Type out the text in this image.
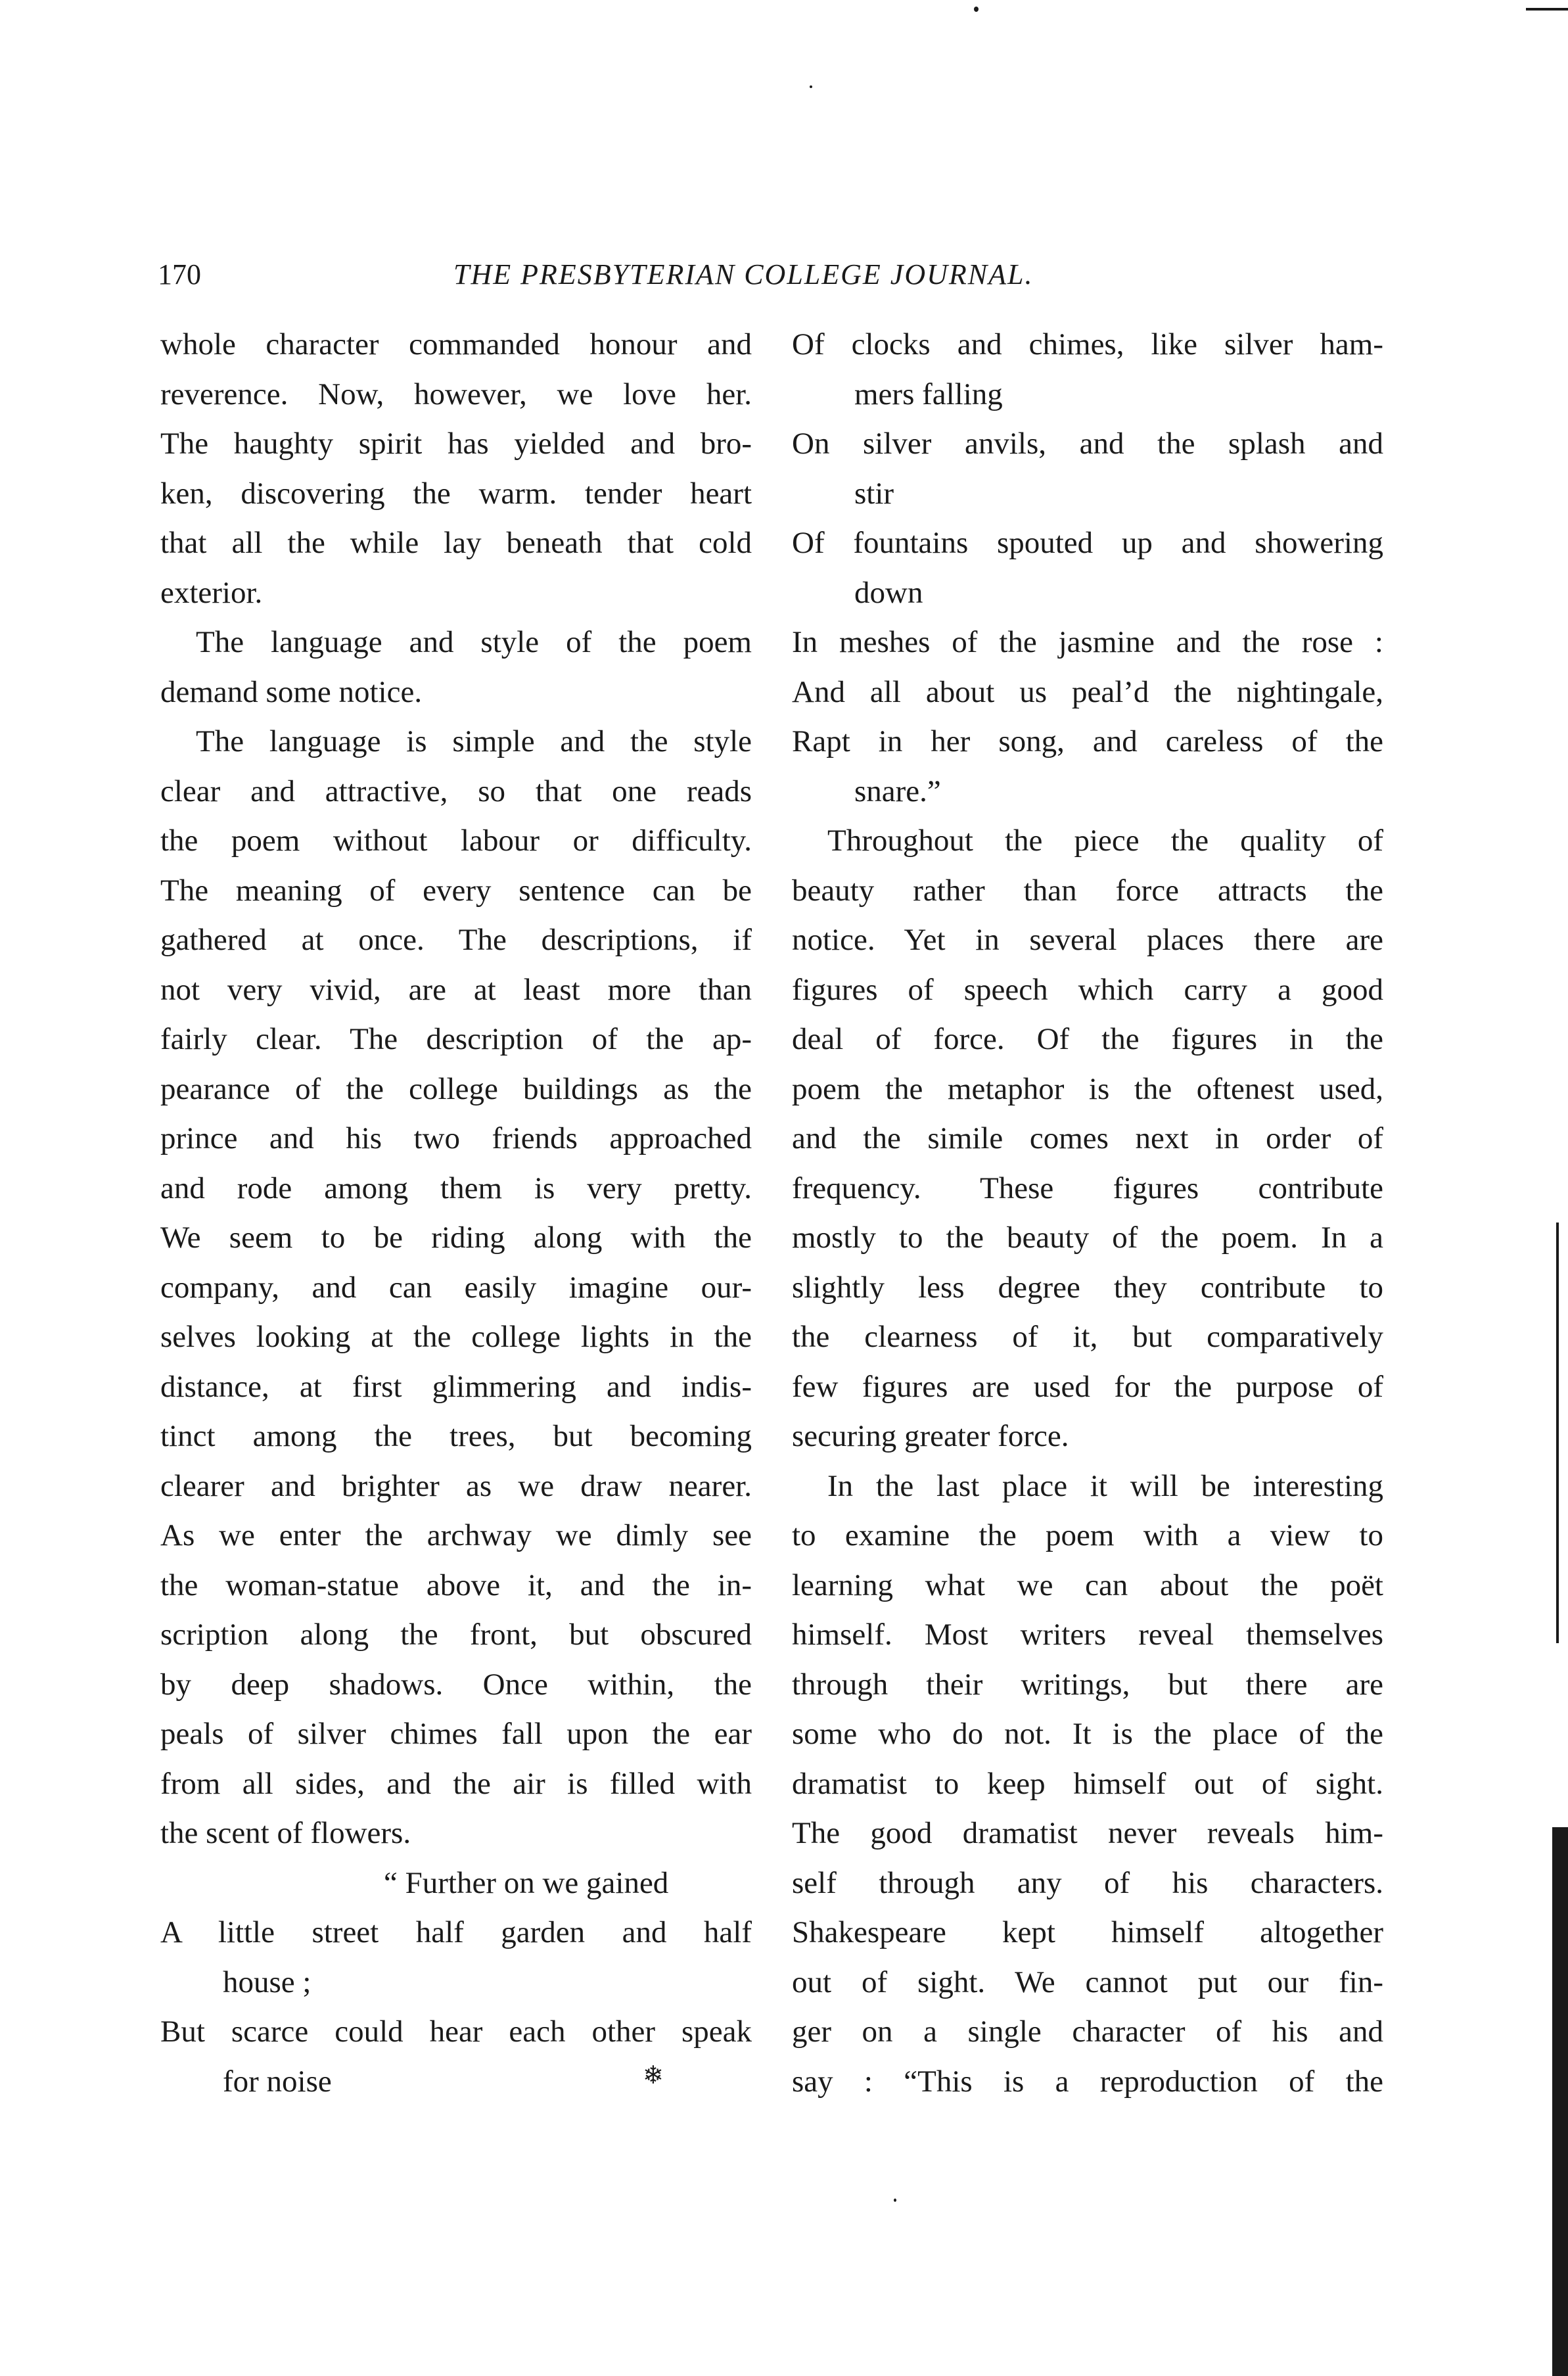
❄
170	THE PRESBYTERIAN COLLEGE JOURNAL.
whole character commanded honour and
reverence. Now, however, we love her.
The haughty spirit has yielded and bro-
ken, discovering the warm. tender heart
that all the while lay beneath that cold
exterior.
The language and style of the poem
demand some notice.
The language is simple and the style
clear and attractive, so that one reads
the poem without labour or difficulty.
The meaning of every sentence can be
gathered at once. The descriptions, if
not very vivid, are at least more than
fairly clear. The description of the ap-
pearance of the college buildings as the
prince and his two friends approached
and rode among them is very pretty.
We seem to be riding along with the
company, and can easily imagine our-
selves looking at the college lights in the
distance, at first glimmering and indis-
tinct among the trees, but becoming
clearer and brighter as we draw nearer.
As we enter the archway we dimly see
the woman-statue above it, and the in-
scription along the front, but obscured
by deep shadows. Once within, the
peals of silver chimes fall upon the ear
from all sides, and the air is filled with
the scent of flowers.
“ Further on we gained
A little street half garden and half
house ;
But scarce could hear each other speak
for noise
Of clocks and chimes, like silver ham-
mers falling
On silver anvils, and the splash and
stir
Of fountains spouted up and showering
down
In meshes of the jasmine and the rose :
And all about us peal’d the nightingale,
Rapt in her song, and careless of the
snare.”
Throughout the piece the quality of
beauty rather than force attracts the
notice. Yet in several places there are
figures of speech which carry a good
deal of force. Of the figures in the
poem the metaphor is the oftenest used,
and the simile comes next in order of
frequency. These figures contribute
mostly to the beauty of the poem. In a
slightly less degree they contribute to
the clearness of it, but comparatively
few figures are used for the purpose of
securing greater force.
In the last place it will be interesting
to examine the poem with a view to
learning what we can about the poët
himself. Most writers reveal themselves
through their writings, but there are
some who do not. It is the place of the
dramatist to keep himself out of sight.
The good dramatist never reveals him-
self through any of his characters.
Shakespeare kept himself altogether
out of sight. We cannot put our fin-
ger on a single character of his and
say : “This is a reproduction of the
